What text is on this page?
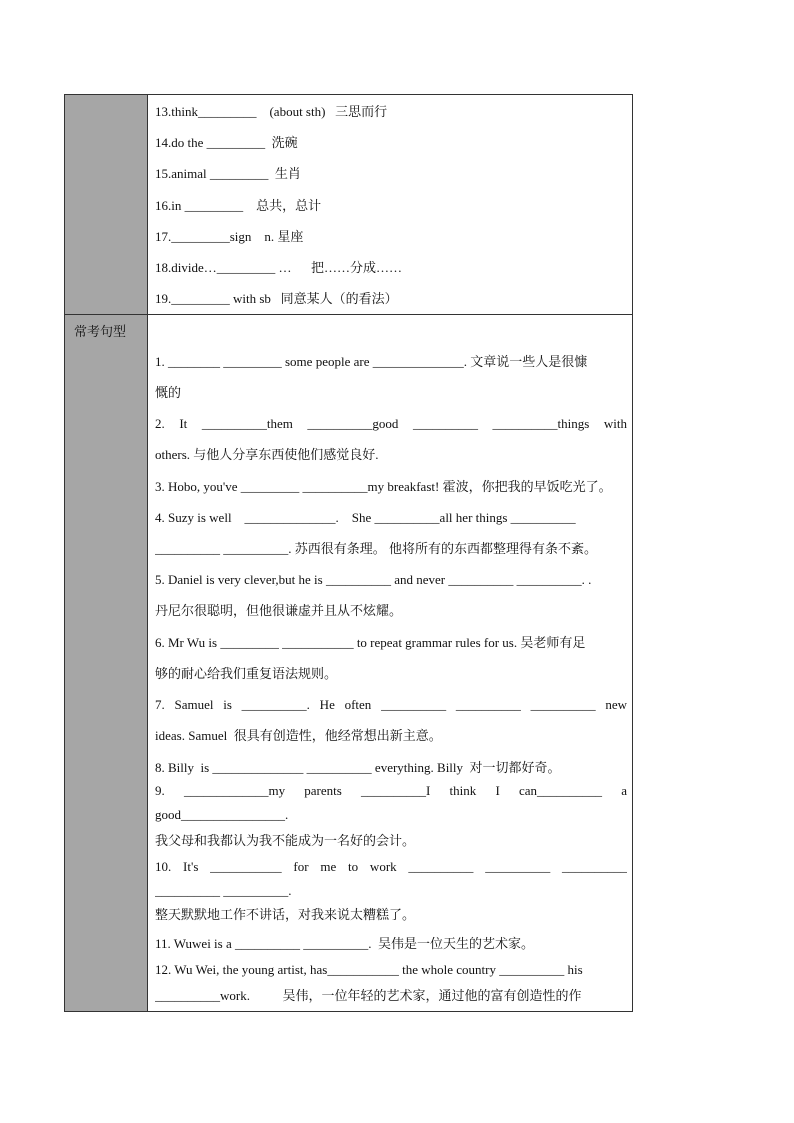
常考句型
13.think_________    (about sth)   三思而行
14.do the _________  洗碗
15.animal _________  生肖
16.in _________    总共，总计
17._________sign    n. 星座
18.divide…_________ …      把……分成……
19._________ with sb   同意某人（的看法）
1. ________ _________ some people are ______________. 文章说一些人是很慷
慨的
2. It __________them __________good __________ __________things with
others. 与他人分享东西使他们感觉良好.
3. Hobo, you've _________ __________my breakfast! 霍波，你把我的早饭吃光了。
4. Suzy is well    ______________.    She __________all her things __________
__________ __________. 苏西很有条理。 他将所有的东西都整理得有条不紊。
5. Daniel is very clever,but he is __________ and never __________ __________. .
丹尼尔很聪明，但他很谦虚并且从不炫耀。
6. Mr Wu is _________ ___________ to repeat grammar rules for us. 吴老师有足
够的耐心给我们重复语法规则。
7. Samuel is __________. He often __________ __________ __________ new
ideas. Samuel  很具有创造性，他经常想出新主意。
8. Billy  is ______________ __________ everything. Billy  对一切都好奇。
9. _____________my parents __________I think I can__________ a
good________________.
我父母和我都认为我不能成为一名好的会计。
10. It's ___________ for me to work __________ __________ __________
__________ __________.
整天默默地工作不讲话，对我来说太糟糕了。
11. Wuwei is a __________ __________.  吴伟是一位天生的艺术家。
12. Wu Wei, the young artist, has___________ the whole country __________ his
__________work.          吴伟，一位年轻的艺术家，通过他的富有创造性的作
